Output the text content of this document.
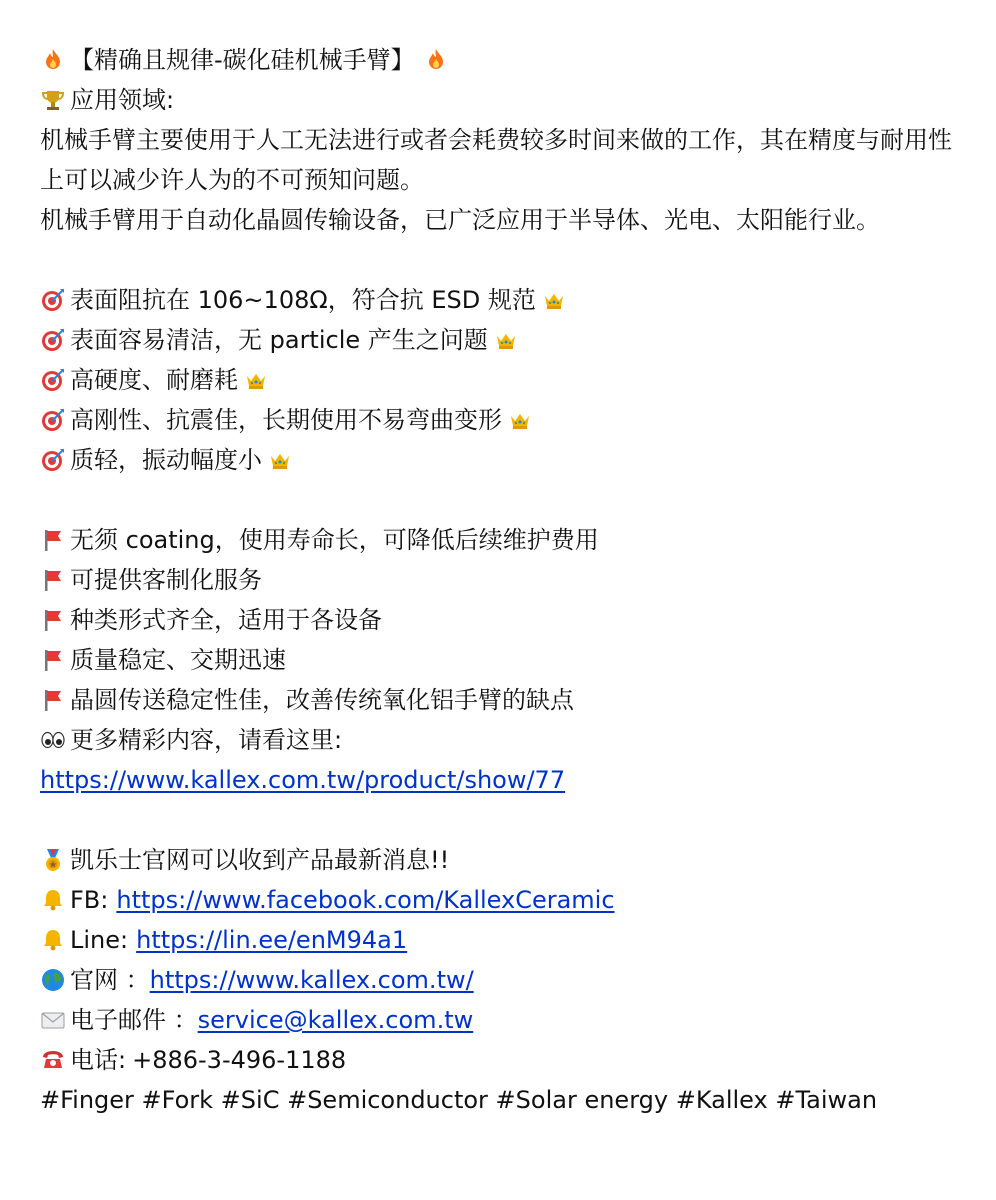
【精确且规律-碳化硅机械手臂】
应用领域:
机械手臂主要使用于人工无法进行或者会耗费较多时间来做的工作，其在精度与耐用性上可以减少许人为的不可预知问题。
机械手臂用于自动化晶圆传输设备，已广泛应用于半导体、光电、太阳能行业。
表面阻抗在 106~108Ω，符合抗 ESD 规范
表面容易清洁，无 particle 产生之问题
高硬度、耐磨耗
高刚性、抗震佳，长期使用不易弯曲变形
质轻，振动幅度小
无须 coating，使用寿命长，可降低后续维护费用
可提供客制化服务
种类形式齐全，适用于各设备
质量稳定、交期迅速
晶圆传送稳定性佳，改善传统氧化铝手臂的缺点
更多精彩内容，请看这里:
https://www.kallex.com.tw/product/show/77
凯乐士官网可以收到产品最新消息!!
FB: https://www.facebook.com/KallexCeramic
Line: https://lin.ee/enM94a1
官网 ： https://www.kallex.com.tw/
电子邮件 ： service@kallex.com.tw
电话: +886-3-496-1188
#Finger #Fork #SiC #Semiconductor #Solar energy #Kallex #Taiwan
